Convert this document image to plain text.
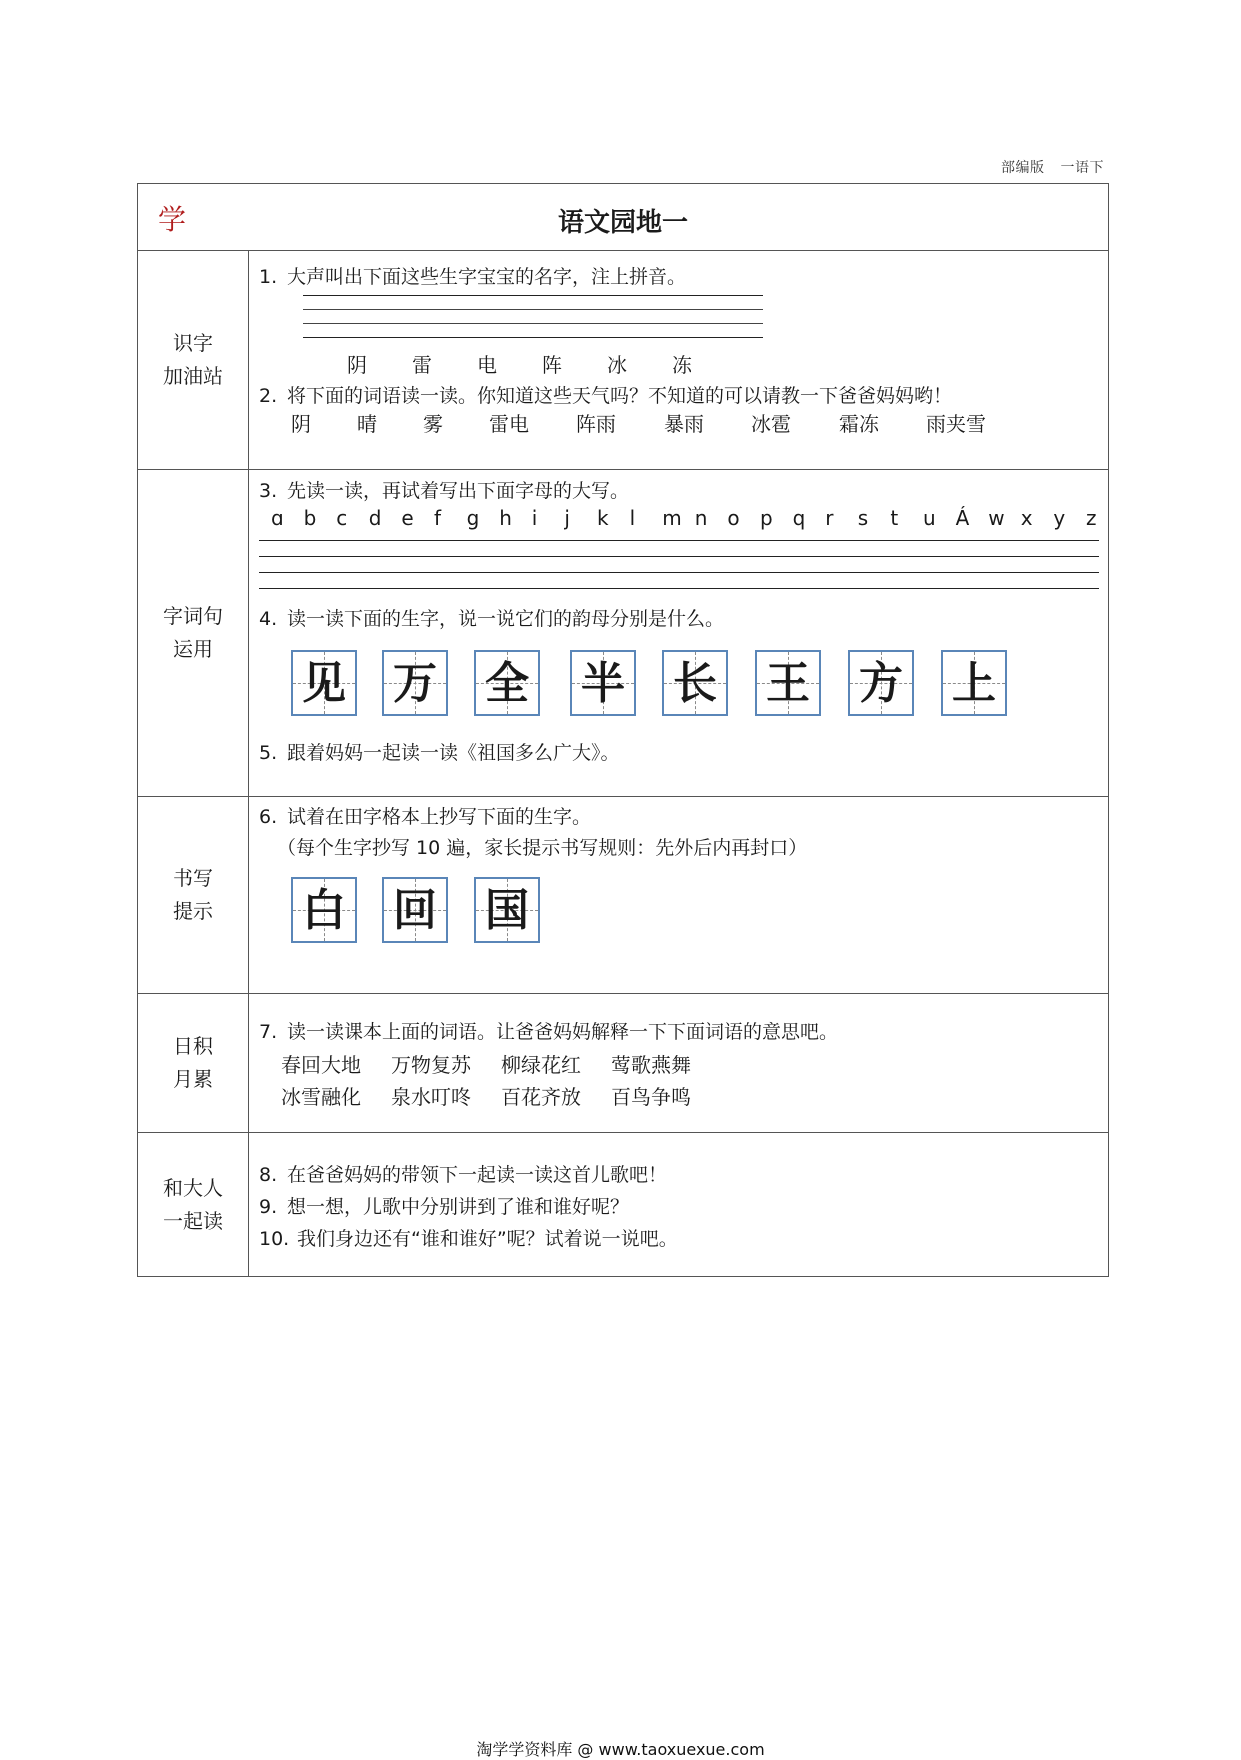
部编版 一语下
学	语文园地一
识字
加油站
1. 大声叫出下面这些生字宝宝的名字，注上拼音。
阴 雷 电 阵 冰 冻
2. 将下面的词语读一读。你知道这些天气吗？不知道的可以请教一下爸爸妈妈哟！
阴 晴 雾 雷电 阵雨 暴雨 冰雹 霜冻 雨夹雪
字词句
运用
3. 先读一读，再试着写出下面字母的大写。
ɑ b c d e f g h i j k l m n o p q r s t u Á w x y z
4. 读一读下面的生字，说一说它们的韵母分别是什么。
见 万 全 半 长 王 方 上
5. 跟着妈妈一起读一读《祖国多么广大》。
书写
提示
6. 试着在田字格本上抄写下面的生字。
（每个生字抄写 10 遍，家长提示书写规则：先外后内再封口）
白 回 国
日积
月累
7. 读一读课本上面的词语。让爸爸妈妈解释一下下面词语的意思吧。
春回大地 万物复苏 柳绿花红 莺歌燕舞
冰雪融化 泉水叮咚 百花齐放 百鸟争鸣
和大人
一起读
8. 在爸爸妈妈的带领下一起读一读这首儿歌吧！
9. 想一想，儿歌中分别讲到了谁和谁好呢？
10. 我们身边还有“谁和谁好”呢？试着说一说吧。
淘学学资料库 @ www.taoxuexue.com
